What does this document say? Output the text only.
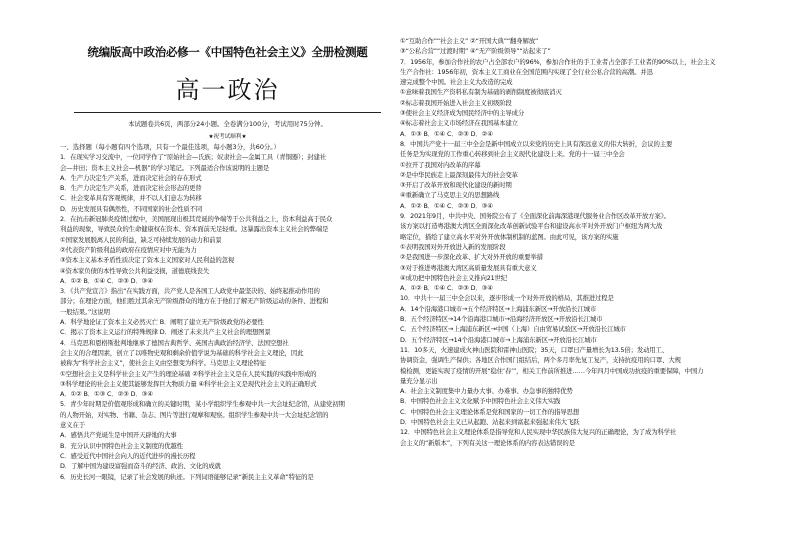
统编版高中政治必修一《中国特色社会主义》全册检测题
高一政治
本试题卷共6页，两部分24小题。全卷满分100分，考试用时75分钟。
★祝考试顺利★
一、选择题（每小题有四个选项，只有一个最佳选项，每小题3分，共60分。）
1．在现实学习交流中，一位同学作了“原始社会—氏族；奴隶社会—金属工具（青铜器）；封建社
会—井田；资本主义社会—机器”的学习笔记。下列最适合作该说明的主题是
A．生产力决定生产关系，进而决定社会的存在形式
B．生产力决定生产关系，进而决定社会形态的更替
C．社会变革具有客观规律，并不以人们意志为转移
D．历史发展具有偶然性，不同国家的社会性质不同
2．在抗击新冠肺炎疫情过程中，美国展现出极其荒诞的争端等于公共利益之上，资本利益高于民众
利益的现象，导致民众的生命健康权在资本、资本面前无足轻重。这暴露出资本主义社会的弊端是
①国家发展脱离人民的利益，缺乏可持续发展的动力和前景
②代表资产阶级利益的政府在疫情应对中无能为力
③资本主义基本矛盾性质决定了资本主义国家对人民利益的忽视
④资本家负债的本性导致公共利益受损，道德底线丧失
A．①② B．①④ C．②③ D．③④
3．《共产党宣言》指出“在实践方面，共产党人是各国工人政党中最坚决的、始终起推动作用的
部分；在理论方面，他们胜过其余无产阶级群众的地方在于他们了解无产阶级运动的条件、进程和
一般结果。”这说明
A．科学地论证了资本主义必然灭亡 B．阐明了建立无产阶级政党的必要性
C．揭示了资本主义运行的特殊规律 D．阐述了未来共产主义社会的理想图景
4．马克思和恩格斯批判地继承了德国古典哲学、英国古典政治经济学、法国空想社
会主义的合理因素，创立了以唯物史观和剩余价值学说为基础的科学社会主义理论，因此
被称为“科学社会主义”，使社会主义由空想变为科学。马克思主义理论特征
①空想社会主义是科学社会主义产生的理论基础 ②科学社会主义是在人民实践的实践中形成的
③科学理论的社会主义使其能够发挥巨大物质力量 ④科学社会主义是现代社会主义的正确形式
A．①② B．①③ C．②③ D．③④
5．青少年时期是价值观形成和确立的关键时期，某小学组织学生参观中共一大会址纪念馆，从建党初期
的人物开始，对实物、书籍、杂志、图片等进行观摩和观察。组织学生参观中共一大会址纪念馆的
意义在于
A．感悟共产党诞生是中国开天辟地的大事
B．充分认识中国特色社会主义制度的优越性
C．感受近代中国社会向人的近代进步的漫长历程
D．了解中国为建设富强而奋斗的经济、政治、文化的成就
6．历史长河一眼镜，记录了社会发展的轨迹。下列词语能够记录“新民主主义革命”特征的是
①“互助合作”“社会主义” ②“开国大典”“翻身解放”
③“公私合营”“过渡时期” ④“无产阶级领导”“站起来了”
7．1956年，参加合作社的农户占全部农户的96%，参加合作社的手工业者占全部手工业者的90%以上，社会主义
生产合作社：1956年初，资本主义工商业在全国范围内实现了全行业公私合营的高潮。并迅
速完成整个中国。社会主义大改造的完成
①意味着我国生产资料私有制为基础的剥削制度被彻底消灭
②标志着我国开始进入社会主义初级阶段
③使社会主义经济成为国民经济中的主导成分
④标志着社会主义市场经济在我国基本建立
A．①③ B．①④ C．②③ D．②④
8．中国共产党十一届三中全会是新中国成立以来党的历史上具有深远意义的伟大转折，会议的主要
任务是为实现党的工作重心转移到社会主义现代化建设上来。党的十一届三中全会
①拉开了我国对内改革的序幕
②是中华民族走上最深刻最伟大的社会变革
③开启了改革开放和现代化建设的新时期
④重新确立了马克思主义的思想路线
A．①② B．①④ C．②③ D．③④
9．2021年9月，中共中央、国务院公布了《全面深化前海深港现代服务业合作区改革开放方案》。
该方案以打造粤港澳大湾区全面深化改革创新试验平台和建设高水平对外开放门户枢纽为两大战
略定位，描绘了建立高水平对外开放体制机制的蓝图。由此可见，该方案的实施
①表明我国对外开放进入新的发展阶段
②是我国进一步深化改革、扩大对外开放的重要举措
③对于推进粤港澳大湾区高质量发展具有重大意义
④成功把中国特色社会主义推向21世纪
A．①② B．①④ C．②③ D．③④
10．中共十一届三中全会以来，逐步形成一个对外开放的格局，其推进过程是
A．14个沿海港口城市→五个经济特区→上海浦东新区→开放沿长江城市
B．五个经济特区→14个沿海港口城市→沿海经济开放区→开放沿长江城市
C．五个经济特区→上海浦东新区→中国（上海）自由贸易试验区→开放沿长江城市
D．五个经济特区→14个沿海港口城市→上海浦东新区→开放沿长江城市
11．10多天，火速建成火神山医院和雷神山医院；35天，口罩日产量增长为13.5倍；发动用工、
协调资金，强调生产保供；各地区合作国门组结后，两个多月率先复工复产，支持抗疫用的口罩、大规
模检测，更能实现了疫情的开展“稳住‘春’”，相关工作前所推进……今年四月中国成功抗疫的重要保障，中国力
量充分显示出
A．社会主义制度集中力量办大事、办难事、办急事的独特优势
B．中国特色社会主义文化赋予中国特色社会主义伟大实践
C．中国特色社会主义理论体系是党和国家的一切工作的指导思想
D．中国特色社会主义已从起跑、站起来到富起来强起来伟大飞跃
12．中国特色社会主义理论体系是指导党和人民实现中华民族伟大复兴的正确理论，为了成为科学社
会主义的“新版本”，下列有关这一理论体系的内容表达错误的是
